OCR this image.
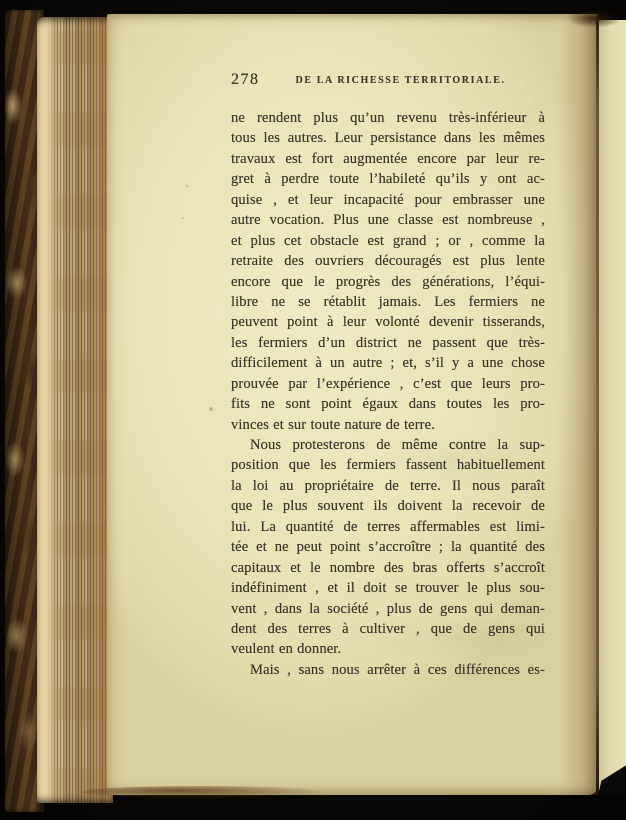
278	DE LA RICHESSE TERRITORIALE.
ne rendent plus qu’un revenu très-inférieur à
tous les autres. Leur persistance dans les mêmes
travaux est fort augmentée encore par leur re-
gret à perdre toute l’habileté qu’ils y ont ac-
quise , et leur incapacité pour embrasser une
autre vocation. Plus une classe est nombreuse ,
et plus cet obstacle est grand ; or , comme la
retraite des ouvriers découragés est plus lente
encore que le progrès des générations, l’équi-
libre ne se rétablit jamais. Les fermiers ne
peuvent point à leur volonté devenir tisserands,
les fermiers d’un district ne passent que très-
difficilement à un autre ; et, s’il y a une chose
prouvée par l’expérience , c’est que leurs pro-
fits ne sont point égaux dans toutes les pro-
vinces et sur toute nature de terre.
Nous protesterons de même contre la sup-
position que les fermiers fassent habituellement
la loi au propriétaire de terre. Il nous paraît
que le plus souvent ils doivent la recevoir de
lui. La quantité de terres affermables est limi-
tée et ne peut point s’accroître ; la quantité des
capitaux et le nombre des bras offerts s’accroît
indéfiniment , et il doit se trouver le plus sou-
vent , dans la société , plus de gens qui deman-
dent des terres à cultiver , que de gens qui
veulent en donner.
Mais , sans nous arrêter à ces différences es-
